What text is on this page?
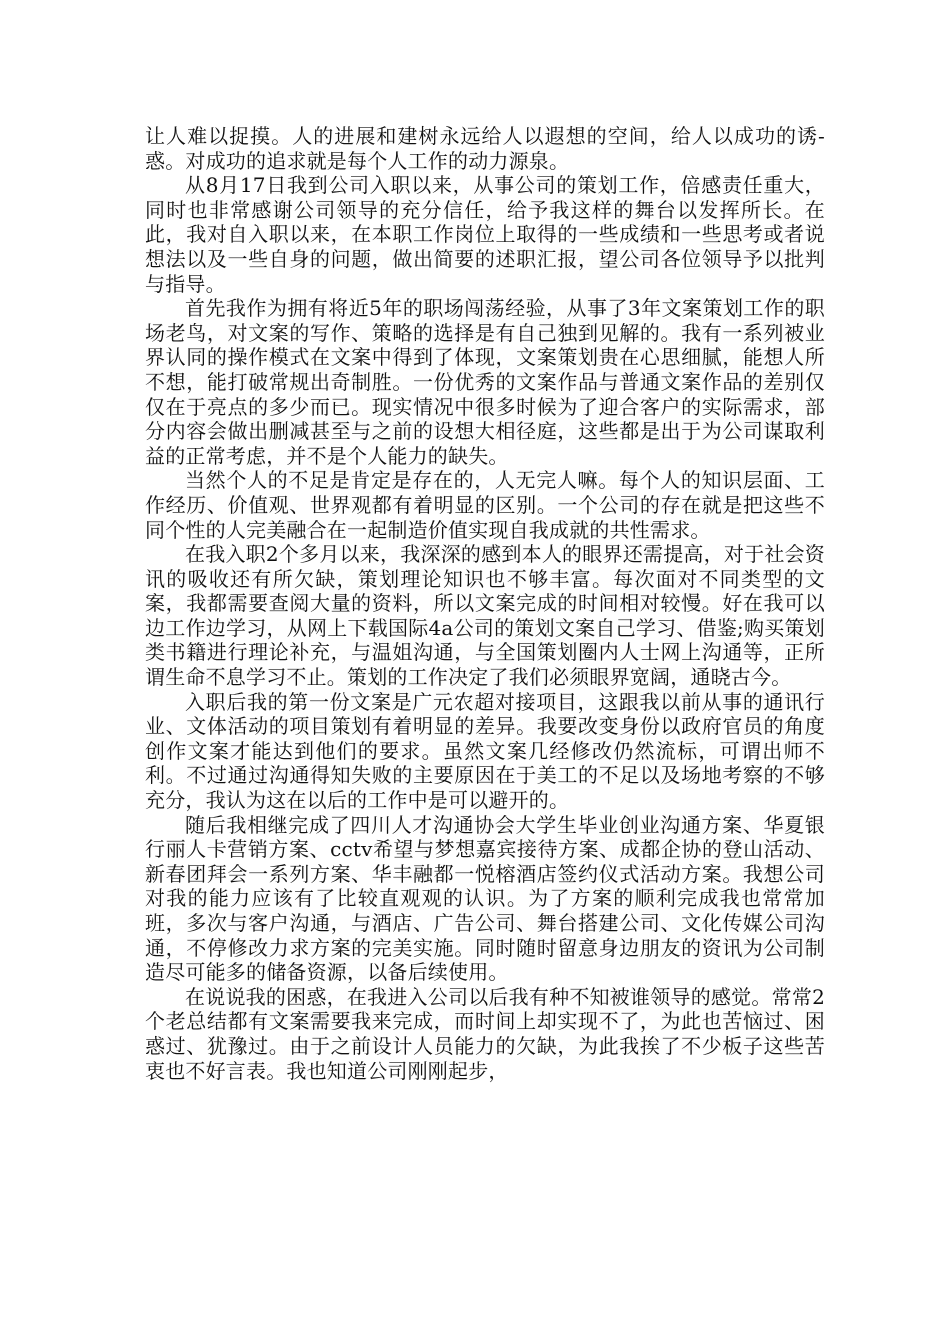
让人难以捉摸。人的进展和建树永远给人以遐想的空间，给人以成功的诱-惑。对成功的追求就是每个人工作的动力源泉。

从8月17日我到公司入职以来，从事公司的策划工作，倍感责任重大，同时也非常感谢公司领导的充分信任，给予我这样的舞台以发挥所长。在此，我对自入职以来，在本职工作岗位上取得的一些成绩和一些思考或者说想法以及一些自身的问题，做出简要的述职汇报，望公司各位领导予以批判与指导。

首先我作为拥有将近5年的职场闯荡经验，从事了3年文案策划工作的职场老鸟，对文案的写作、策略的选择是有自己独到见解的。我有一系列被业界认同的操作模式在文案中得到了体现，文案策划贵在心思细腻，能想人所不想，能打破常规出奇制胜。一份优秀的文案作品与普通文案作品的差别仅仅在于亮点的多少而已。现实情况中很多时候为了迎合客户的实际需求，部分内容会做出删减甚至与之前的设想大相径庭，这些都是出于为公司谋取利益的正常考虑，并不是个人能力的缺失。

当然个人的不足是肯定是存在的，人无完人嘛。每个人的知识层面、工作经历、价值观、世界观都有着明显的区别。一个公司的存在就是把这些不同个性的人完美融合在一起制造价值实现自我成就的共性需求。

在我入职2个多月以来，我深深的感到本人的眼界还需提高，对于社会资讯的吸收还有所欠缺，策划理论知识也不够丰富。每次面对不同类型的文案，我都需要查阅大量的资料，所以文案完成的时间相对较慢。好在我可以边工作边学习，从网上下载国际4a公司的策划文案自己学习、借鉴;购买策划类书籍进行理论补充，与温姐沟通，与全国策划圈内人士网上沟通等，正所谓生命不息学习不止。策划的工作决定了我们必须眼界宽阔，通晓古今。

入职后我的第一份文案是广元农超对接项目，这跟我以前从事的通讯行业、文体活动的项目策划有着明显的差异。我要改变身份以政府官员的角度创作文案才能达到他们的要求。虽然文案几经修改仍然流标，可谓出师不利。不过通过沟通得知失败的主要原因在于美工的不足以及场地考察的不够充分，我认为这在以后的工作中是可以避开的。

随后我相继完成了四川人才沟通协会大学生毕业创业沟通方案、华夏银行丽人卡营销方案、cctv希望与梦想嘉宾接待方案、成都企协的登山活动、新春团拜会一系列方案、华丰融都一悦榕酒店签约仪式活动方案。我想公司对我的能力应该有了比较直观观的认识。为了方案的顺利完成我也常常加班，多次与客户沟通，与酒店、广告公司、舞台搭建公司、文化传媒公司沟通，不停修改力求方案的完美实施。同时随时留意身边朋友的资讯为公司制造尽可能多的储备资源，以备后续使用。

在说说我的困惑，在我进入公司以后我有种不知被谁领导的感觉。常常2个老总结都有文案需要我来完成，而时间上却实现不了，为此也苦恼过、困惑过、犹豫过。由于之前设计人员能力的欠缺，为此我挨了不少板子这些苦衷也不好言表。我也知道公司刚刚起步，
